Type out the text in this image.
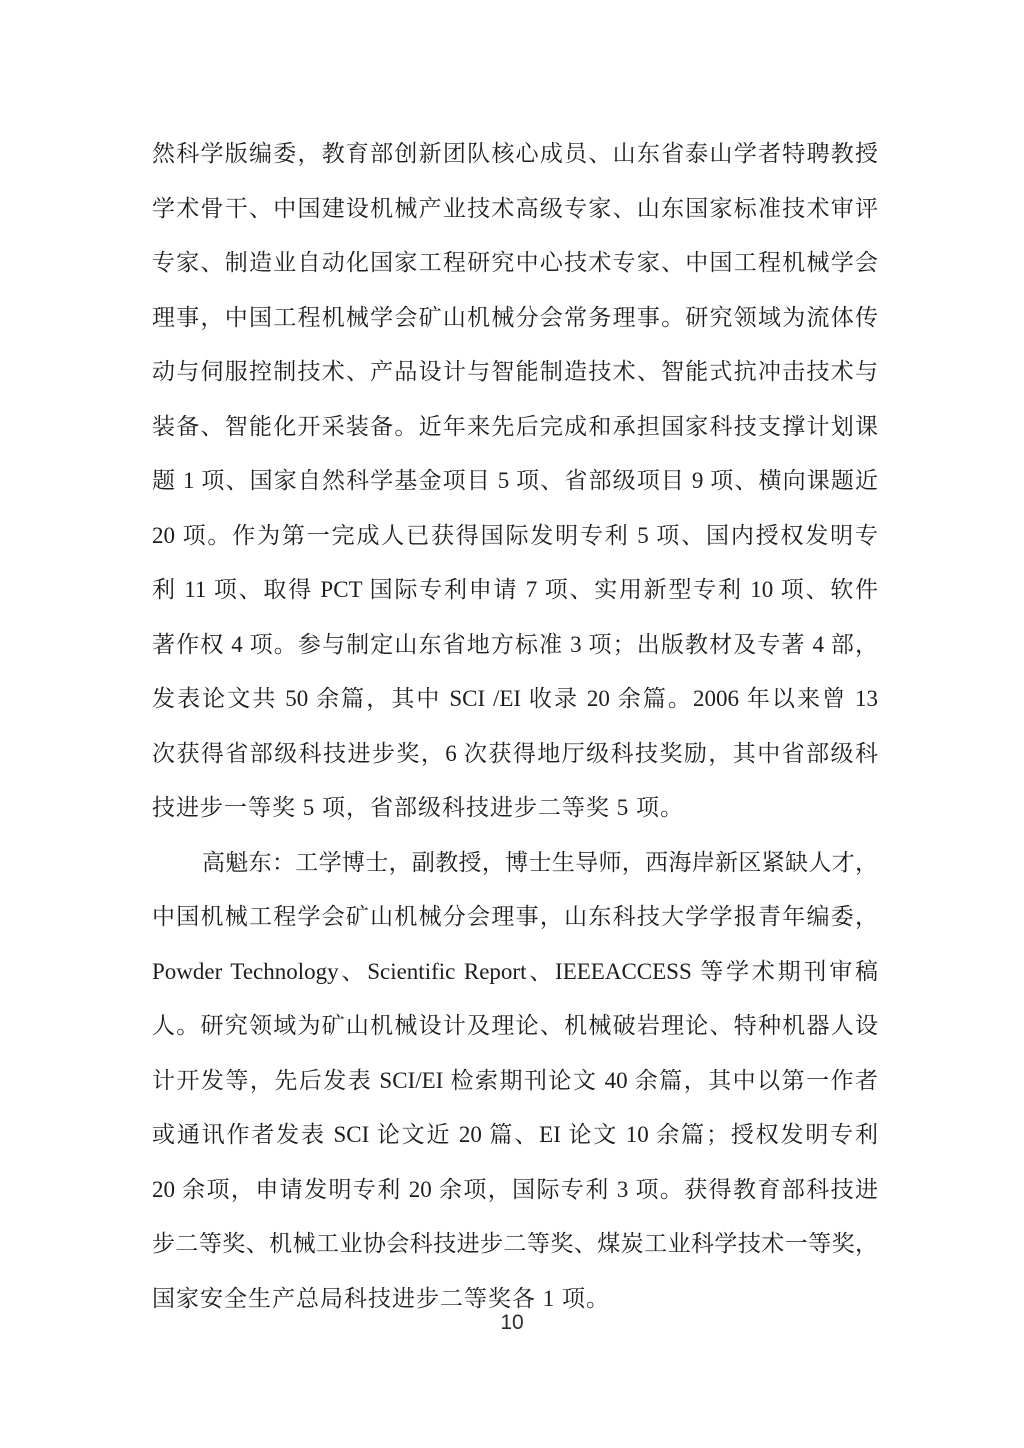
然科学版编委，教育部创新团队核心成员、山东省泰山学者特聘教授
学术骨干、中国建设机械产业技术高级专家、山东国家标准技术审评
专家、制造业自动化国家工程研究中心技术专家、中国工程机械学会
理事，中国工程机械学会矿山机械分会常务理事。研究领域为流体传
动与伺服控制技术、产品设计与智能制造技术、智能式抗冲击技术与
装备、智能化开采装备。近年来先后完成和承担国家科技支撑计划课
题 1 项、国家自然科学基金项目 5 项、省部级项目 9 项、横向课题近
20 项。作为第一完成人已获得国际发明专利 5 项、国内授权发明专
利 11 项、取得 PCT 国际专利申请 7 项、实用新型专利 10 项、软件
著作权 4 项。参与制定山东省地方标准 3 项；出版教材及专著 4 部，
发表论文共 50 余篇，其中 SCI /EI 收录 20 余篇。2006 年以来曾 13
次获得省部级科技进步奖，6 次获得地厅级科技奖励，其中省部级科
技进步一等奖 5 项，省部级科技进步二等奖 5 项。
高魁东：工学博士，副教授，博士生导师，西海岸新区紧缺人才，
中国机械工程学会矿山机械分会理事，山东科技大学学报青年编委，
Powder Technology、Scientific Report、IEEEACCESS 等学术期刊审稿
人。研究领域为矿山机械设计及理论、机械破岩理论、特种机器人设
计开发等，先后发表 SCI/EI 检索期刊论文 40 余篇，其中以第一作者
或通讯作者发表 SCI 论文近 20 篇、EI 论文 10 余篇；授权发明专利
20 余项，申请发明专利 20 余项，国际专利 3 项。获得教育部科技进
步二等奖、机械工业协会科技进步二等奖、煤炭工业科学技术一等奖，
国家安全生产总局科技进步二等奖各 1 项。
10
